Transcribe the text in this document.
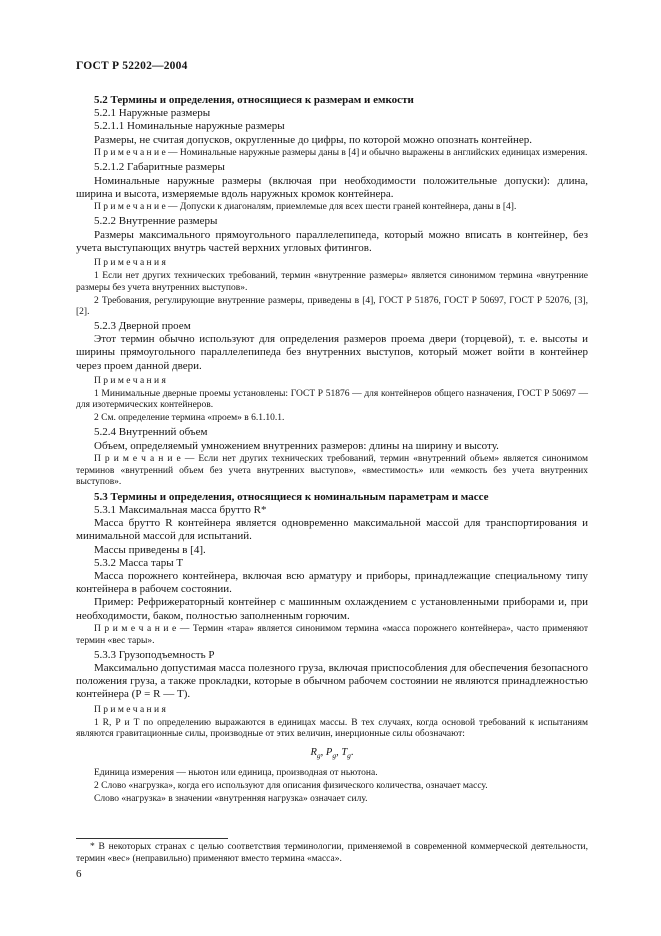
ГОСТ Р 52202—2004
5.2 Термины и определения, относящиеся к размерам и емкости
5.2.1 Наружные размеры
5.2.1.1 Номинальные наружные размеры
Размеры, не считая допусков, округленные до цифры, по которой можно опознать контейнер.
П р и м е ч а н и е — Номинальные наружные размеры даны в [4] и обычно выражены в английских единицах измерения.
5.2.1.2 Габаритные размеры
Номинальные наружные размеры (включая при необходимости положительные допуски): длина, ширина и высота, измеряемые вдоль наружных кромок контейнера.
П р и м е ч а н и е — Допуски к диагоналям, приемлемые для всех шести граней контейнера, даны в [4].
5.2.2 Внутренние размеры
Размеры максимального прямоугольного параллелепипеда, который можно вписать в контейнер, без учета выступающих внутрь частей верхних угловых фитингов.
П р и м е ч а н и я
1 Если нет других технических требований, термин «внутренние размеры» является синонимом термина «внутренние размеры без учета внутренних выступов».
2 Требования, регулирующие внутренние размеры, приведены в [4], ГОСТ Р 51876, ГОСТ Р 50697, ГОСТ Р 52076, [3], [2].
5.2.3 Дверной проем
Этот термин обычно используют для определения размеров проема двери (торцевой), т. е. высоты и ширины прямоугольного параллелепипеда без внутренних выступов, который может войти в контейнер через проем данной двери.
П р и м е ч а н и я
1 Минимальные дверные проемы установлены: ГОСТ Р 51876 — для контейнеров общего назначения, ГОСТ Р 50697 — для изотермических контейнеров.
2 См. определение термина «проем» в 6.1.10.1.
5.2.4 Внутренний объем
Объем, определяемый умножением внутренних размеров: длины на ширину и высоту.
П р и м е ч а н и е — Если нет других технических требований, термин «внутренний объем» является синонимом терминов «внутренний объем без учета внутренних выступов», «вместимость» или «емкость без учета внутренних выступов».
5.3 Термины и определения, относящиеся к номинальным параметрам и массе
5.3.1 Максимальная масса брутто R*
Масса брутто R контейнера является одновременно максимальной массой для транспортирования и минимальной массой для испытаний.
Массы приведены в [4].
5.3.2 Масса тары Т
Масса порожнего контейнера, включая всю арматуру и приборы, принадлежащие специальному типу контейнера в рабочем состоянии.
Пример: Рефрижераторный контейнер с машинным охлаждением с установленными приборами и, при необходимости, баком, полностью заполненным горючим.
П р и м е ч а н и е — Термин «тара» является синонимом термина «масса порожнего контейнера», часто применяют термин «вес тары».
5.3.3 Грузоподъемность Р
Максимально допустимая масса полезного груза, включая приспособления для обеспечения безопасного положения груза, а также прокладки, которые в обычном рабочем состоянии не являются принадлежностью контейнера (Р = R — Т).
П р и м е ч а н и я
1 R, Р и Т по определению выражаются в единицах массы. В тех случаях, когда основой требований к испытаниям являются гравитационные силы, производные от этих величин, инерционные силы обозначают:
$R_g$, $P_g$, $T_g$.
Единица измерения — ньютон или единица, производная от ньютона.
2 Слово «нагрузка», когда его используют для описания физического количества, означает массу.
Слово «нагрузка» в значении «внутренняя нагрузка» означает силу.
* В некоторых странах с целью соответствия терминологии, применяемой в современной коммерческой деятельности, термин «вес» (неправильно) применяют вместо термина «масса».
6
